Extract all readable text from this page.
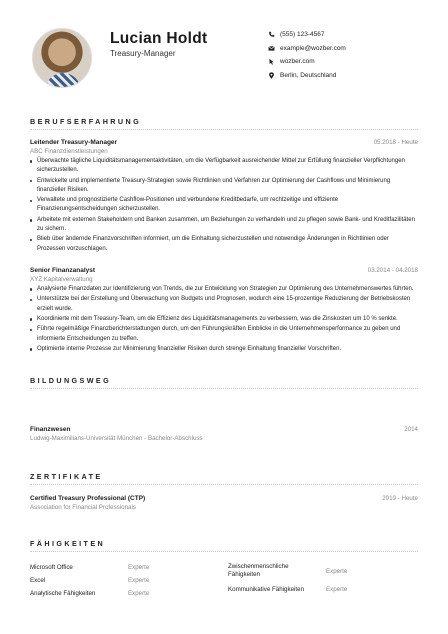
Lucian Holdt
Treasury-Manager
(555) 123-4567
example@wozber.com
wozber.com
Berlin, Deutschland
BERUFSERFAHRUNG
Leitender Treasury-Manager	05.2018 - Heute
ABC Finanzdienstleistungen
Überwachte tägliche Liquiditätsmanagementaktivitäten, um die Verfügbarkeit ausreichender Mittel zur Erfüllung finanzieller Verpflichtungen sicherzustellen.
Entwickelte und implementierte Treasury-Strategien sowie Richtlinien und Verfahren zur Optimierung der Cashflows und Minimierung finanzieller Risiken.
Verwaltete und prognostizierte Cashflow-Positionen und verbundene Kreditbedarfe, um rechtzeitige und effiziente Finanzierungsentscheidungen sicherzustellen.
Arbeitete mit externen Stakeholdern und Banken zusammen, um Beziehungen zu verhandeln und zu pflegen sowie Bank- und Kreditfazilitäten zu sichern.
Blieb über ändernde Finanzvorschriften informiert, um die Einhaltung sicherzustellen und notwendige Änderungen in Richtlinien oder Prozessen vorzuschlagen.
Senior Finanzanalyst	03.2014 - 04.2018
XYZ Kapitalverwaltung
Analysierte Finanzdaten zur Identifizierung von Trends, die zur Entwicklung von Strategien zur Optimierung des Unternehmenswertes führten.
Unterstützte bei der Erstellung und Überwachung von Budgets und Prognosen, wodurch eine 15-prozentige Reduzierung der Betriebskosten erzielt wurde.
Koordinierte mit dem Treasury-Team, um die Effizienz des Liquiditätsmanagements zu verbessern, was die Zinskosten um 10 % senkte.
Führte regelmäßige Finanzberichterstattungen durch, um den Führungskräften Einblicke in die Unternehmensperformance zu geben und informierte Entscheidungen zu treffen.
Optimierte interne Prozesse zur Minimierung finanzieller Risiken durch strenge Einhaltung finanzieller Vorschriften.
BILDUNGSWEG
Finanzwesen	2014
Ludwig-Maximilians-Universität München - Bachelor-Abschluss
ZERTIFIKATE
Certified Treasury Professional (CTP)	2019 - Heute
Association for Financial Professionals
FÄHIGKEITEN
Microsoft Office	Experte
Excel	Experte
Analytische Fähigkeiten	Experte
Zwischenmenschliche Fähigkeiten	Experte
Kommunikative Fähigkeiten	Experte
